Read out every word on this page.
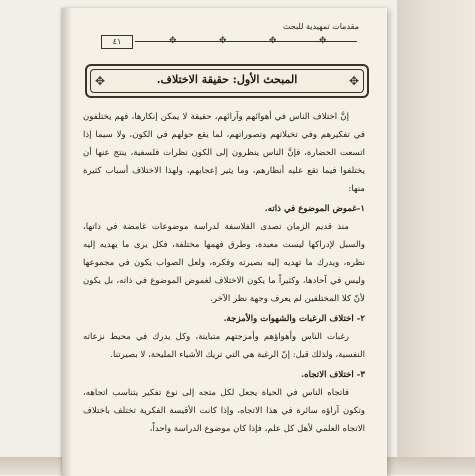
مقدمات تمهيدية للبحث
✥	✥	✥	✥
٤١
✥
✥	المبحث الأول: حقيقة الاختلاف.

إنَّ اختلاف الناس في أهوائهم وآرائهم، حقيقة لا يمكن إنكارها، فهم يختلفون في تفكيرهم وفي تخيلاتهم وتصوراتهم، لما يقع حولهم في الكون، ولا سيما إذا اتسعت الحضارة، فإنَّ الناس ينظرون إلى الكون نظرات فلسفية، ينتج عنها أن يختلفوا فيما تقع عليه أنظارهم، وما يثير إعجابهم، ولهذا الاختلاف أسباب كثيرة منها:

١-غموض الموضوع في ذاته.

منذ قديم الزمان تصدى الفلاسفة لدراسة موضوعات غامضة في ذاتها، والسبل لإدراكها ليست معبدة، وطرق فهمها مختلفة، فكل يرى ما يهديه إليه نظره، ويدرك ما تهديه إليه بصيرته وفكره، ولعل الصواب يكون في مجموعها وليس في آحادها، وكثيراً ما يكون الاختلاف لغموض الموضوع في ذاته، بل يكون لأنّ كلا المختلفين لم يعرف وجهة نظر الآخر.

٢- اختلاف الرغبات والشهوات والأمزجة.

رغبات الناس وأهواؤهم وأمزجتهم متباينة، وكل يدرك في محيط نزعاته النفسية، ولذلك قيل: إنّ الرغبة هي التي تريك الأشياء المليحة، لا بصيرتنا.

٣- اختلاف الاتجاه.

فاتجاه الناس في الحياة يجعل لكل متجه إلى نوع تفكير يتناسب اتجاهه، وتكون آراؤه سائرة في هذا الاتجاه، وإذا كانت الأقيسة الفكرية تختلف باختلاف الاتجاه العلمي لأهل كل علم، فإذا كان موضوع الدراسة واحداً،
